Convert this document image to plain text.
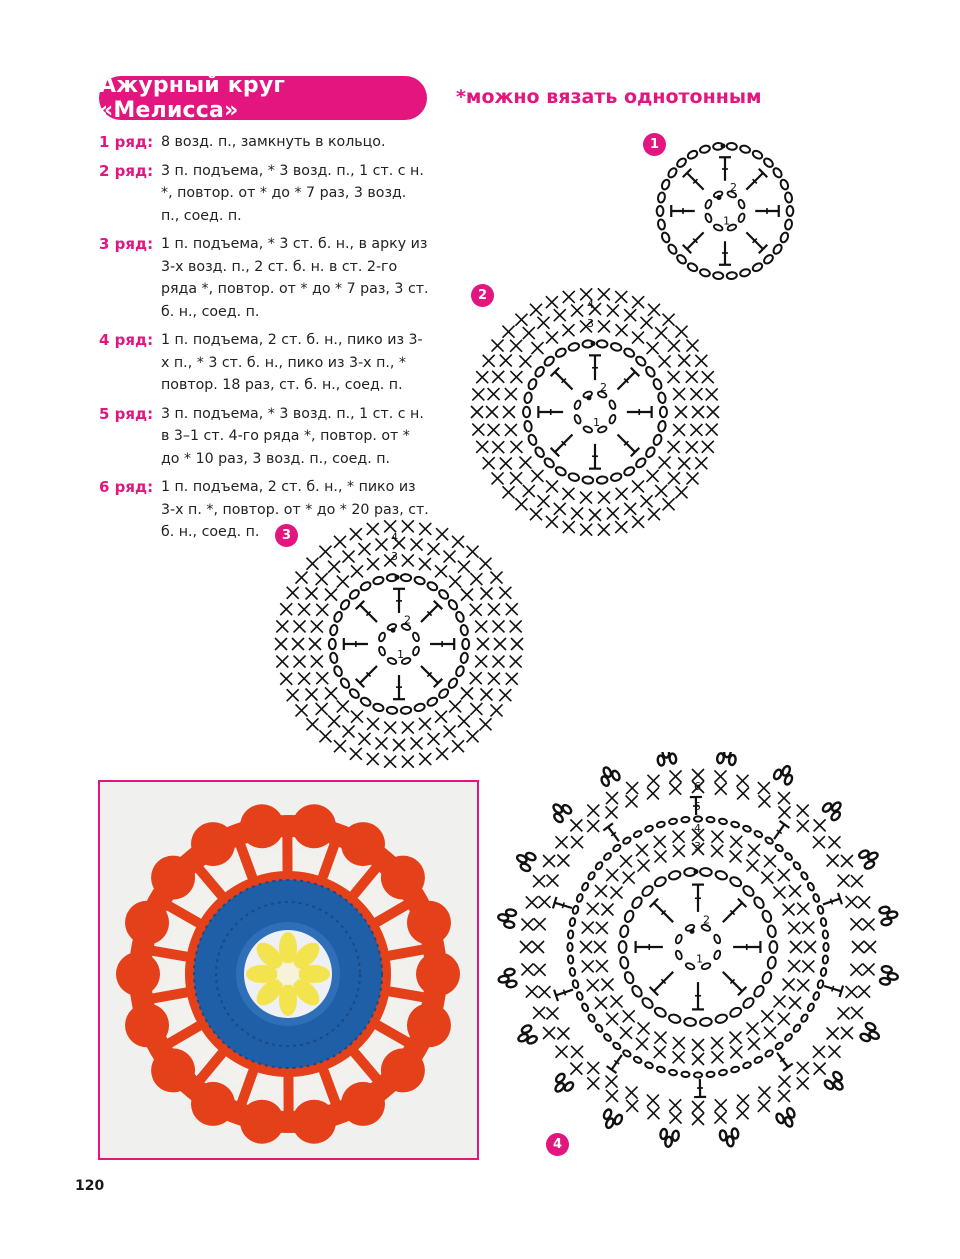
Ажурный круг «Мелисса»
*можно вязать однотонным
1 ряд: 8 возд. п., замкнуть в кольцо.
2 ряд: 3 п. подъема, * 3 возд. п., 1 ст. с н. *, повтор. от * до * 7 раз, 3 возд. п., соед. п.
3 ряд: 1 п. подъема, * 3 ст. б. н., в арку из 3-х возд. п., 2 ст. б. н. в ст. 2-го ряда *, повтор. от * до * 7 раз, 3 ст. б. н., соед. п.
4 ряд: 1 п. подъема, 2 ст. б. н., пико из 3-х п., * 3 ст. б. н., пико из 3-х п., * повтор. 18 раз, ст. б. н., соед. п.
5 ряд: 3 п. подъема, * 3 возд. п., 1 ст. с н. в 3–1 ст. 4-го ряда *, повтор. от * до * 10 раз, 3 возд. п., соед. п.
6 ряд: 1 п. подъема, 2 ст. б. н., * пико из 3-х п. *, повтор. от * до * 20 раз, ст. б. н., соед. п.
1
2
1
2
2
1
4
3
3
2
1
4
3
2
1
6
5
4
3
4
120
